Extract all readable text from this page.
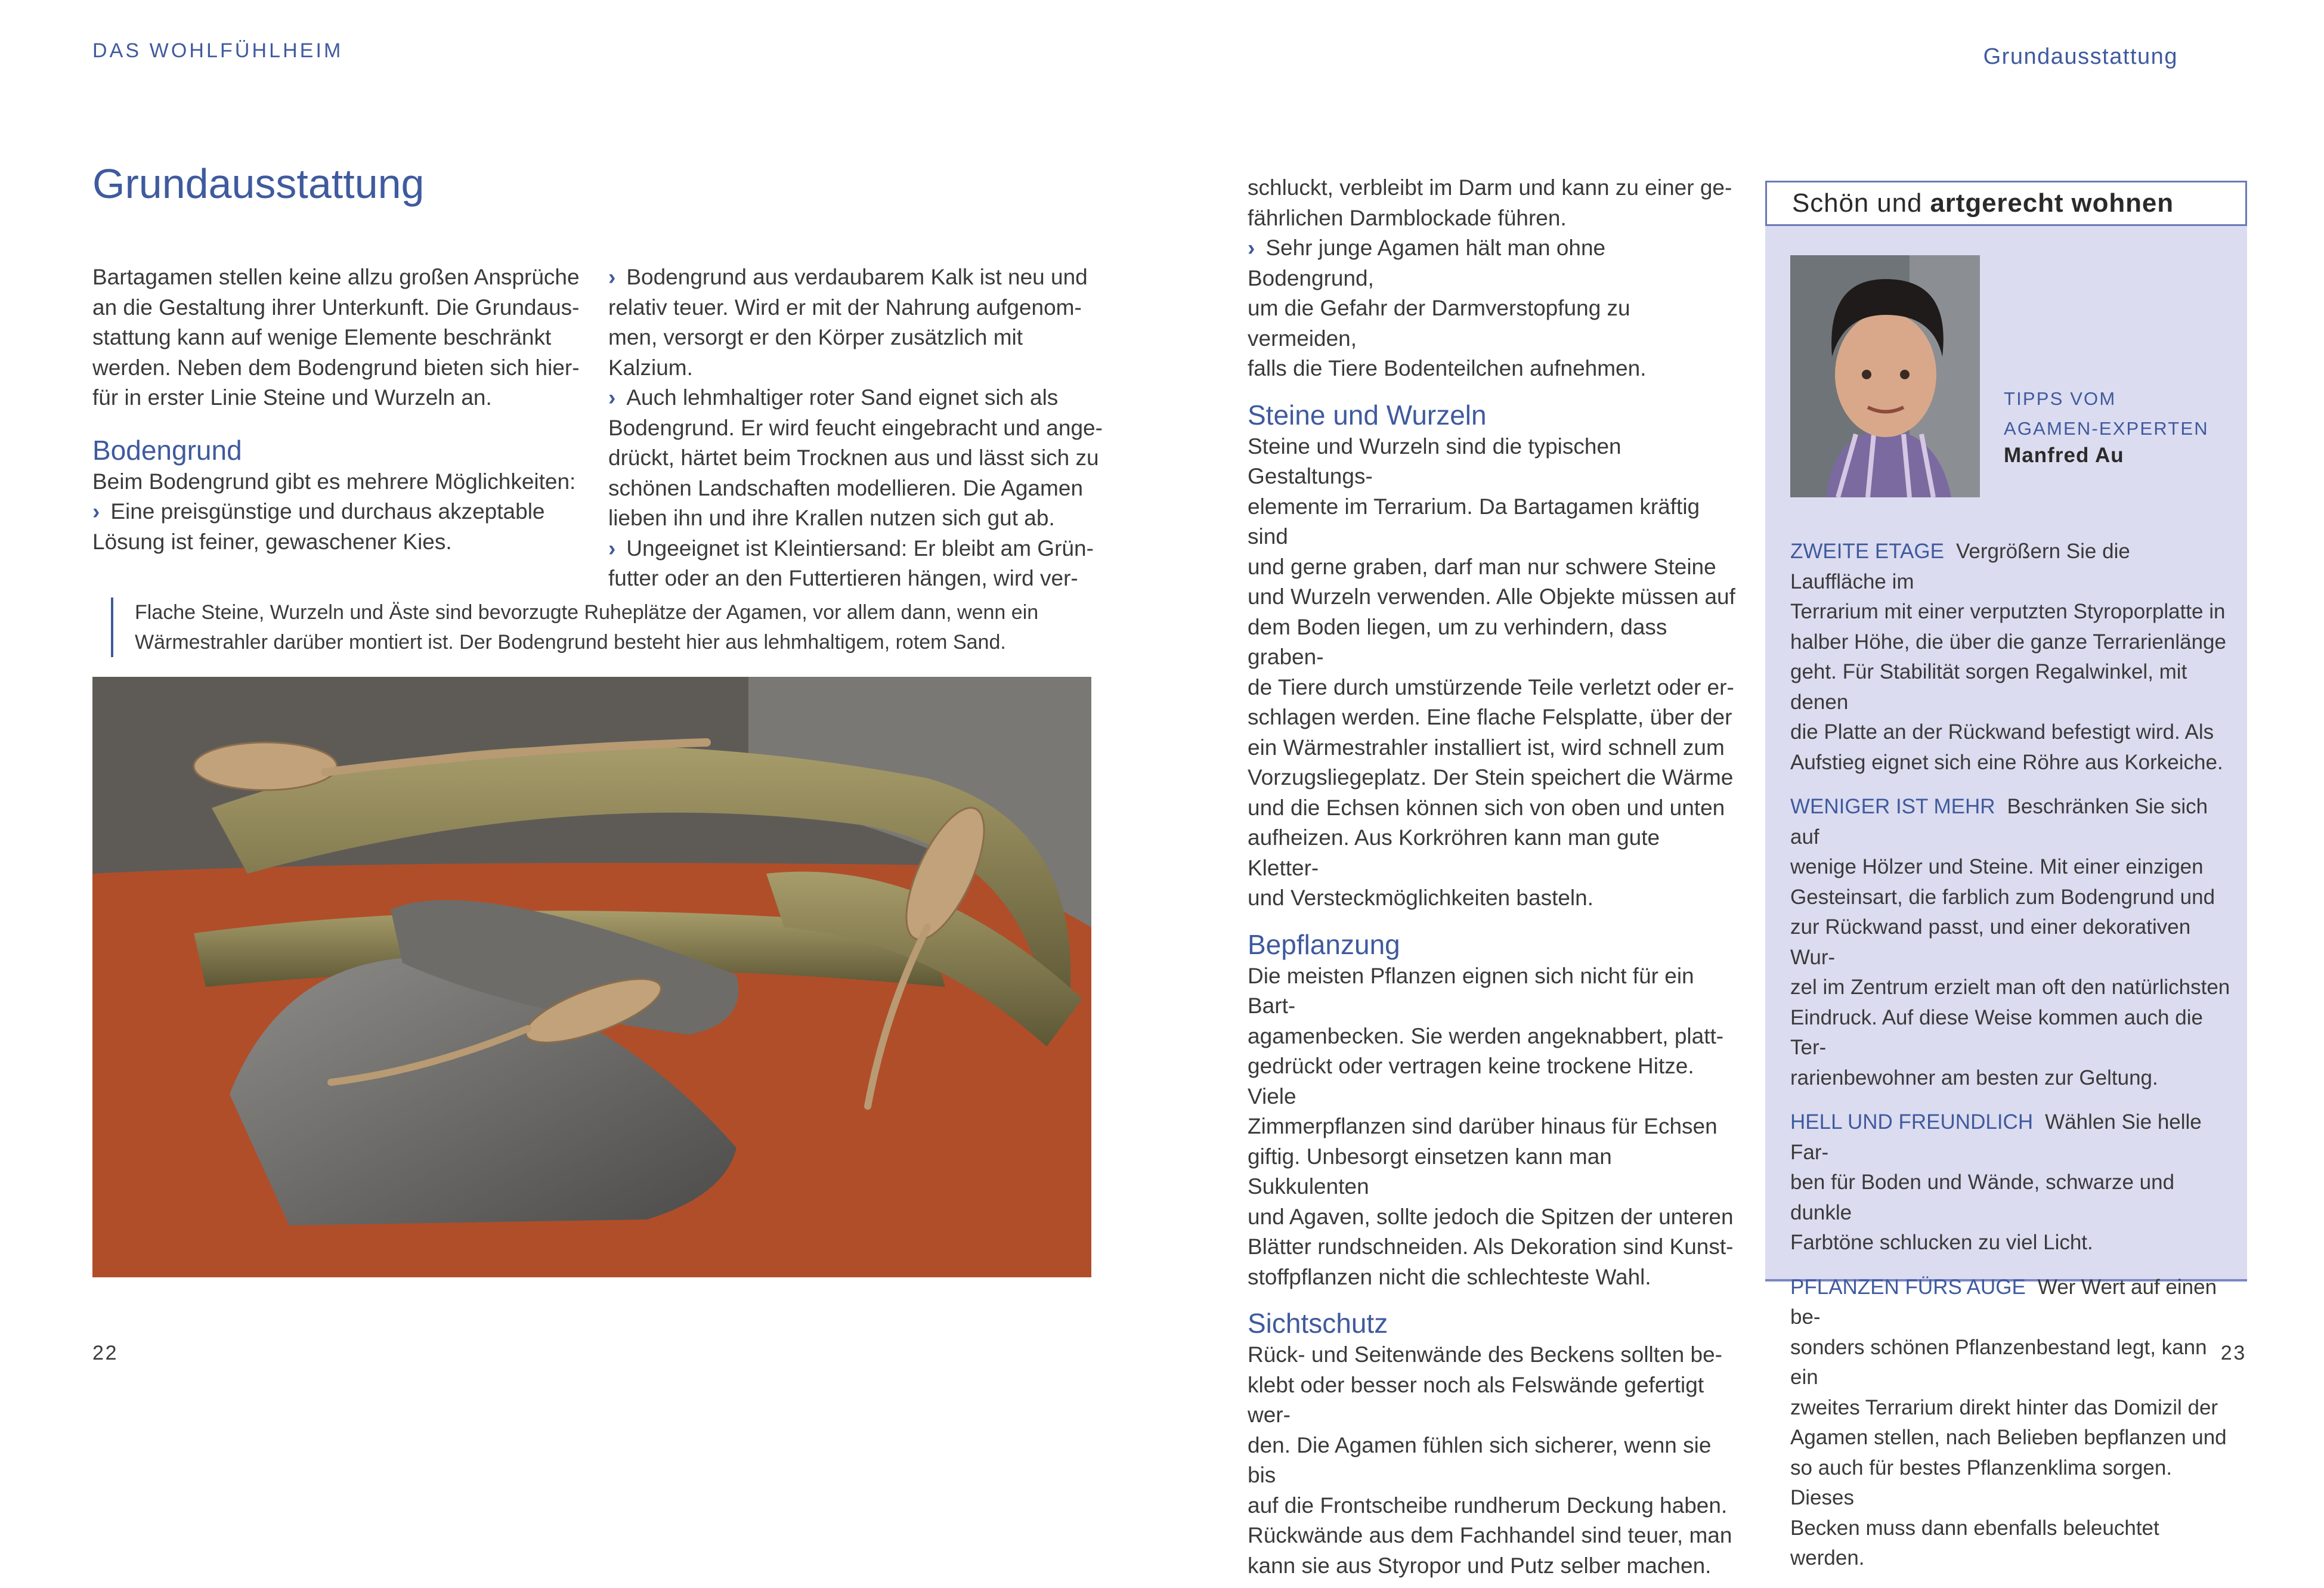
DAS WOHLFÜHLHEIM	Grundausstattung
Grundausstattung

Bartagamen stellen keine allzu großen Ansprüche

an die Gestaltung ihrer Unterkunft. Die Grundaus-

stattung kann auf wenige Elemente beschränkt

werden. Neben dem Bodengrund bieten sich hier-

für in erster Linie Steine und Wurzeln an.

Bodengrund

Beim Bodengrund gibt es mehrere Möglichkeiten:

› Eine preisgünstige und durchaus akzeptable

Lösung ist feiner, gewaschener Kies.

› Bodengrund aus verdaubarem Kalk ist neu und

relativ teuer. Wird er mit der Nahrung aufgenom-

men, versorgt er den Körper zusätzlich mit Kalzium.

› Auch lehmhaltiger roter Sand eignet sich als

Bodengrund. Er wird feucht eingebracht und ange-

drückt, härtet beim Trocknen aus und lässt sich zu

schönen Landschaften modellieren. Die Agamen

lieben ihn und ihre Krallen nutzen sich gut ab.

› Ungeeignet ist Kleintiersand: Er bleibt am Grün-

futter oder an den Futtertieren hängen, wird ver-

Flache Steine, Wurzeln und Äste sind bevorzugte Ruheplätze der Agamen, vor allem dann, wenn ein
Wärmestrahler darüber montiert ist. Der Bodengrund besteht hier aus lehmhaltigem, rotem Sand.

schluckt, verbleibt im Darm und kann zu einer ge-

fährlichen Darmblockade führen.

› Sehr junge Agamen hält man ohne Bodengrund,

um die Gefahr der Darmverstopfung zu vermeiden,

falls die Tiere Bodenteilchen aufnehmen.

Steine und Wurzeln

Steine und Wurzeln sind die typischen Gestaltungs-

elemente im Terrarium. Da Bartagamen kräftig sind

und gerne graben, darf man nur schwere Steine

und Wurzeln verwenden. Alle Objekte müssen auf

dem Boden liegen, um zu verhindern, dass graben-

de Tiere durch umstürzende Teile verletzt oder er-

schlagen werden. Eine flache Felsplatte, über der

ein Wärmestrahler installiert ist, wird schnell zum

Vorzugsliegeplatz. Der Stein speichert die Wärme

und die Echsen können sich von oben und unten

aufheizen. Aus Korkröhren kann man gute Kletter-

und Versteckmöglichkeiten basteln.

Bepflanzung

Die meisten Pflanzen eignen sich nicht für ein Bart-

agamenbecken. Sie werden angeknabbert, platt-

gedrückt oder vertragen keine trockene Hitze. Viele

Zimmerpflanzen sind darüber hinaus für Echsen

giftig. Unbesorgt einsetzen kann man Sukkulenten

und Agaven, sollte jedoch die Spitzen der unteren

Blätter rundschneiden. Als Dekoration sind Kunst-

stoffpflanzen nicht die schlechteste Wahl.

Sichtschutz

Rück- und Seitenwände des Beckens sollten be-

klebt oder besser noch als Felswände gefertigt wer-

den. Die Agamen fühlen sich sicherer, wenn sie bis

auf die Frontscheibe rundherum Deckung haben.

Rückwände aus dem Fachhandel sind teuer, man

kann sie aus Styropor und Putz selber machen.

Schön und artgerecht wohnen
TIPPS VOM
AGAMEN-EXPERTEN
Manfred Au

ZWEITE ETAGE Vergrößern Sie die Lauffläche im
Terrarium mit einer verputzten Styroporplatte in
halber Höhe, die über die ganze Terrarienlänge
geht. Für Stabilität sorgen Regalwinkel, mit denen
die Platte an der Rückwand befestigt wird. Als
Aufstieg eignet sich eine Röhre aus Korkeiche.

WENIGER IST MEHR Beschränken Sie sich auf
wenige Hölzer und Steine. Mit einer einzigen
Gesteinsart, die farblich zum Bodengrund und
zur Rückwand passt, und einer dekorativen Wur-
zel im Zentrum erzielt man oft den natürlichsten
Eindruck. Auf diese Weise kommen auch die Ter-
rarienbewohner am besten zur Geltung.

HELL UND FREUNDLICH Wählen Sie helle Far-
ben für Boden und Wände, schwarze und dunkle
Farbtöne schlucken zu viel Licht.

PFLANZEN FÜRS AUGE Wer Wert auf einen be-
sonders schönen Pflanzenbestand legt, kann ein
zweites Terrarium direkt hinter das Domizil der
Agamen stellen, nach Belieben bepflanzen und
so auch für bestes Pflanzenklima sorgen. Dieses
Becken muss dann ebenfalls beleuchtet werden.

22	23
